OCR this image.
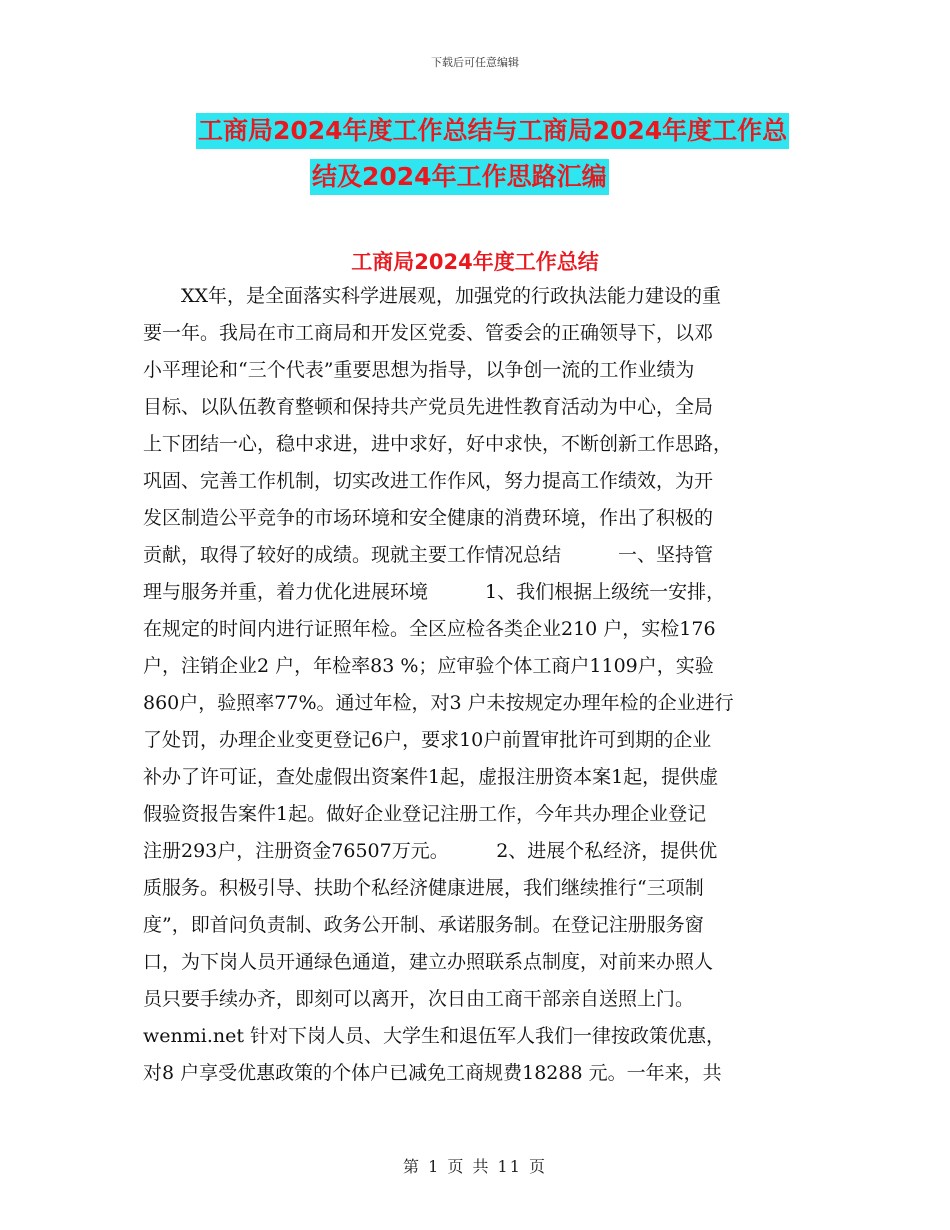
下载后可任意编辑
工商局2024年度工作总结与工商局2024年度工作总
结及2024年工作思路汇编
工商局2024年度工作总结
　　XX年，是全面落实科学进展观，加强党的行政执法能力建设的重
要一年。我局在市工商局和开发区党委、管委会的正确领导下，以邓
小平理论和“三个代表”重要思想为指导，以争创一流的工作业绩为
目标、以队伍教育整顿和保持共产党员先进性教育活动为中心，全局
上下团结一心，稳中求进，进中求好，好中求快，不断创新工作思路，
巩固、完善工作机制，切实改进工作作风，努力提高工作绩效，为开
发区制造公平竞争的市场环境和安全健康的消费环境，作出了积极的
贡献，取得了较好的成绩。现就主要工作情况总结　　　一、坚持管
理与服务并重，着力优化进展环境　　　1、我们根据上级统一安排，
在规定的时间内进行证照年检。全区应检各类企业210 户，实检176
户，注销企业2 户，年检率83 %；应审验个体工商户1109户，实验
860户，验照率77%。通过年检，对3 户未按规定办理年检的企业进行
了处罚，办理企业变更登记6户，要求10户前置审批许可到期的企业
补办了许可证，查处虚假出资案件1起，虚报注册资本案1起，提供虚
假验资报告案件1起。做好企业登记注册工作，今年共办理企业登记
注册293户，注册资金76507万元。　　　2、进展个私经济，提供优
质服务。积极引导、扶助个私经济健康进展，我们继续推行“三项制
度”，即首问负责制、政务公开制、承诺服务制。在登记注册服务窗
口，为下岗人员开通绿色通道，建立办照联系点制度，对前来办照人
员只要手续办齐，即刻可以离开，次日由工商干部亲自送照上门。
wenmi.net 针对下岗人员、大学生和退伍军人我们一律按政策优惠，
对8 户享受优惠政策的个体户已减免工商规费18288 元。一年来，共
第 1 页 共 11 页
